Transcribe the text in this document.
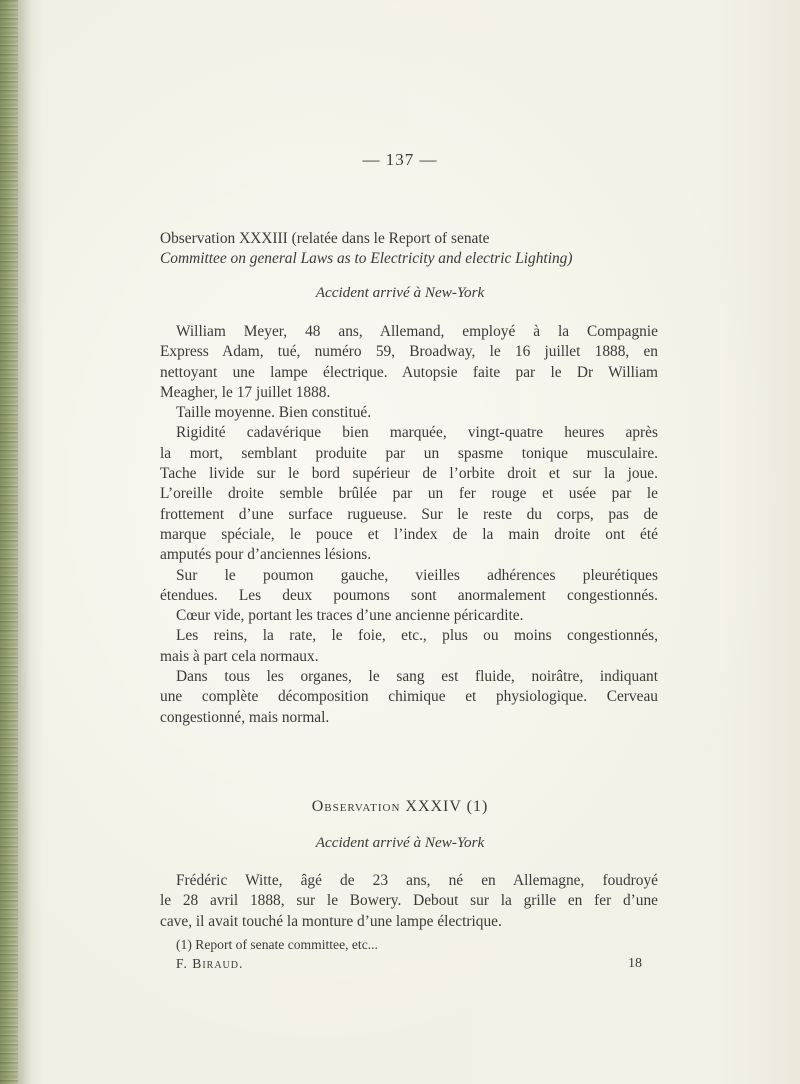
— 137 —

Observation XXXIII (relatée dans le Report of senate
Committee on general Laws as to Electricity and electric Lighting)

Accident arrivé à New-York

William Meyer, 48 ans, Allemand, employé à la Compagnie
Express Adam, tué, numéro 59, Broadway, le 16 juillet 1888, en
nettoyant une lampe électrique. Autopsie faite par le Dr William
Meagher, le 17 juillet 1888.
Taille moyenne. Bien constitué.
Rigidité cadavérique bien marquée, vingt-quatre heures après
la mort, semblant produite par un spasme tonique musculaire.
Tache livide sur le bord supérieur de l’orbite droit et sur la joue.
L’oreille droite semble brûlée par un fer rouge et usée par le
frottement d’une surface rugueuse. Sur le reste du corps, pas de
marque spéciale, le pouce et l’index de la main droite ont été
amputés pour d’anciennes lésions.
Sur le poumon gauche, vieilles adhérences pleurétiques
étendues. Les deux poumons sont anormalement congestionnés.
Cœur vide, portant les traces d’une ancienne péricardite.
Les reins, la rate, le foie, etc., plus ou moins congestionnés,
mais à part cela normaux.
Dans tous les organes, le sang est fluide, noirâtre, indiquant
une complète décomposition chimique et physiologique. Cerveau
congestionné, mais normal.

Observation XXXIV (1)

Accident arrivé à New-York

Frédéric Witte, âgé de 23 ans, né en Allemagne, foudroyé
le 28 avril 1888, sur le Bowery. Debout sur la grille en fer d’une
cave, il avait touché la monture d’une lampe électrique.

(1) Report of senate committee, etc...

F. Biraud.	18
